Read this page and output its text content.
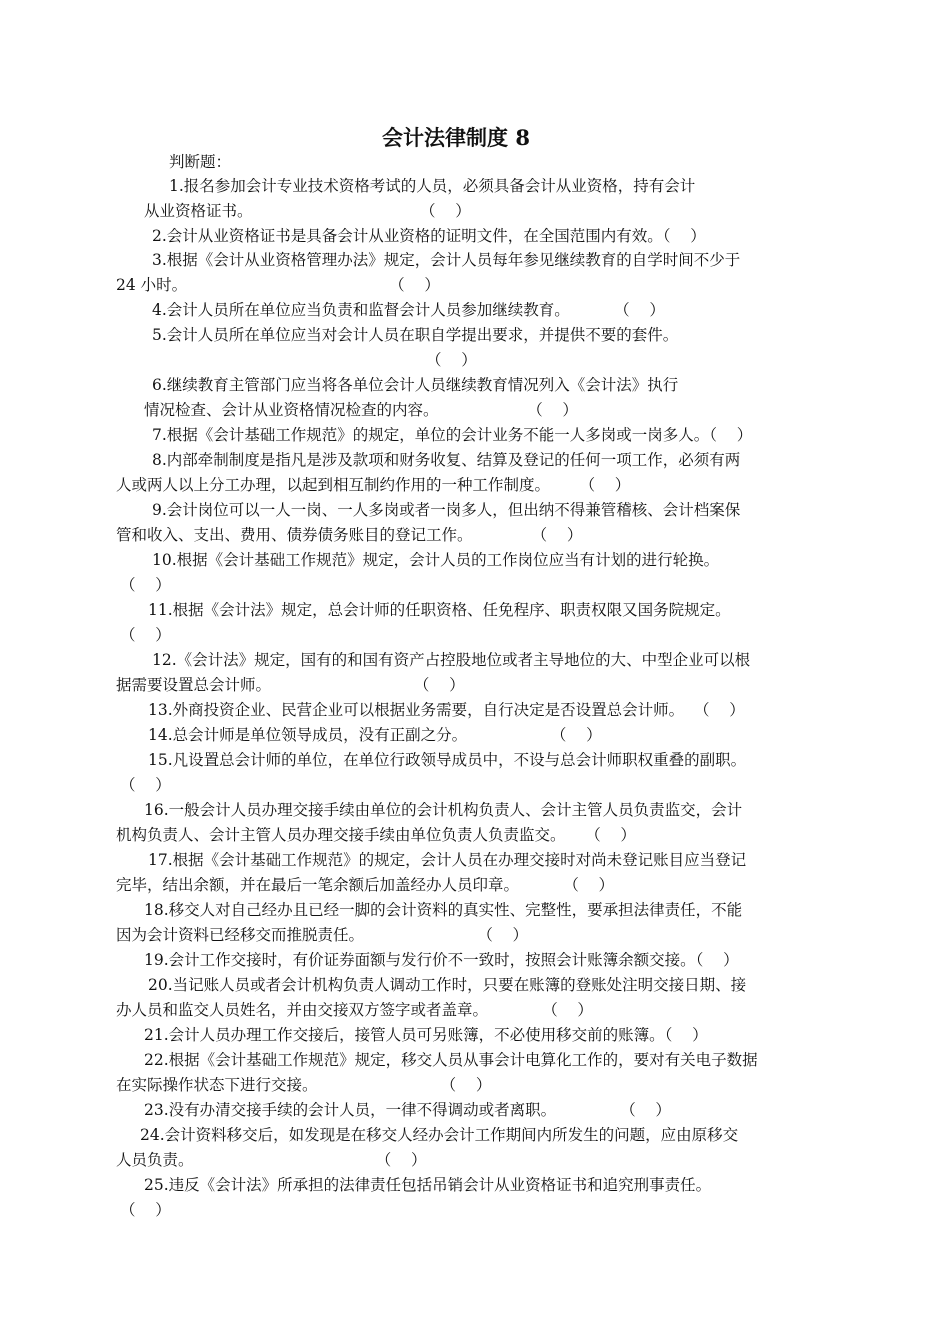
会计法律制度 8

判断题：

1.报名参加会计专业技术资格考试的人员，必须具备会计从业资格，持有会计

从业资格证书。                                  （    ）

2.会计从业资格证书是具备会计从业资格的证明文件，在全国范围内有效。（    ）

3.根据《会计从业资格管理办法》规定，会计人员每年参见继续教育的自学时间不少于

24 小时。                                         （    ）

4.会计人员所在单位应当负责和监督会计人员参加继续教育。         （    ）

5.会计人员所在单位应当对会计人员在职自学提出要求，并提供不要的套件。

（    ）

6.继续教育主管部门应当将各单位会计人员继续教育情况列入《会计法》执行

情况检查、会计从业资格情况检查的内容。                  （    ）

7.根据《会计基础工作规范》的规定，单位的会计业务不能一人多岗或一岗多人。（    ）

8.内部牵制制度是指凡是涉及款项和财务收复、结算及登记的任何一项工作，必须有两

人或两人以上分工办理，以起到相互制约作用的一种工作制度。      （    ）

9.会计岗位可以一人一岗、一人多岗或者一岗多人，但出纳不得兼管稽核、会计档案保

管和收入、支出、费用、债券债务账目的登记工作。            （    ）

10.根据《会计基础工作规范》规定，会计人员的工作岗位应当有计划的进行轮换。

（    ）

11.根据《会计法》规定，总会计师的任职资格、任免程序、职责权限又国务院规定。

（    ）

12.《会计法》规定，国有的和国有资产占控股地位或者主导地位的大、中型企业可以根

据需要设置总会计师。                             （    ）

13.外商投资企业、民营企业可以根据业务需要，自行决定是否设置总会计师。  （    ）

14.总会计师是单位领导成员，没有正副之分。                 （    ）

15.凡设置总会计师的单位，在单位行政领导成员中，不设与总会计师职权重叠的副职。

（    ）

16.一般会计人员办理交接手续由单位的会计机构负责人、会计主管人员负责监交，会计

机构负责人、会计主管人员办理交接手续由单位负责人负责监交。    （    ）

17.根据《会计基础工作规范》的规定，会计人员在办理交接时对尚未登记账目应当登记

完毕，结出余额，并在最后一笔余额后加盖经办人员印章。         （    ）

18.移交人对自己经办且已经一脚的会计资料的真实性、完整性，要承担法律责任，不能

因为会计资料已经移交而推脱责任。                       （    ）

19.会计工作交接时，有价证券面额与发行价不一致时，按照会计账簿余额交接。（    ）

20.当记账人员或者会计机构负责人调动工作时，只要在账簿的登账处注明交接日期、接

办人员和监交人员姓名，并由交接双方签字或者盖章。           （    ）

21.会计人员办理工作交接后，接管人员可另账簿，不必使用移交前的账簿。（    ）

22.根据《会计基础工作规范》规定，移交人员从事会计电算化工作的，要对有关电子数据

在实际操作状态下进行交接。                         （    ）

23.没有办清交接手续的会计人员，一律不得调动或者离职。             （    ）

24.会计资料移交后，如发现是在移交人经办会计工作期间内所发生的问题，应由原移交

人员负责。                                     （    ）

25.违反《会计法》所承担的法律责任包括吊销会计从业资格证书和追究刑事责任。

（    ）
